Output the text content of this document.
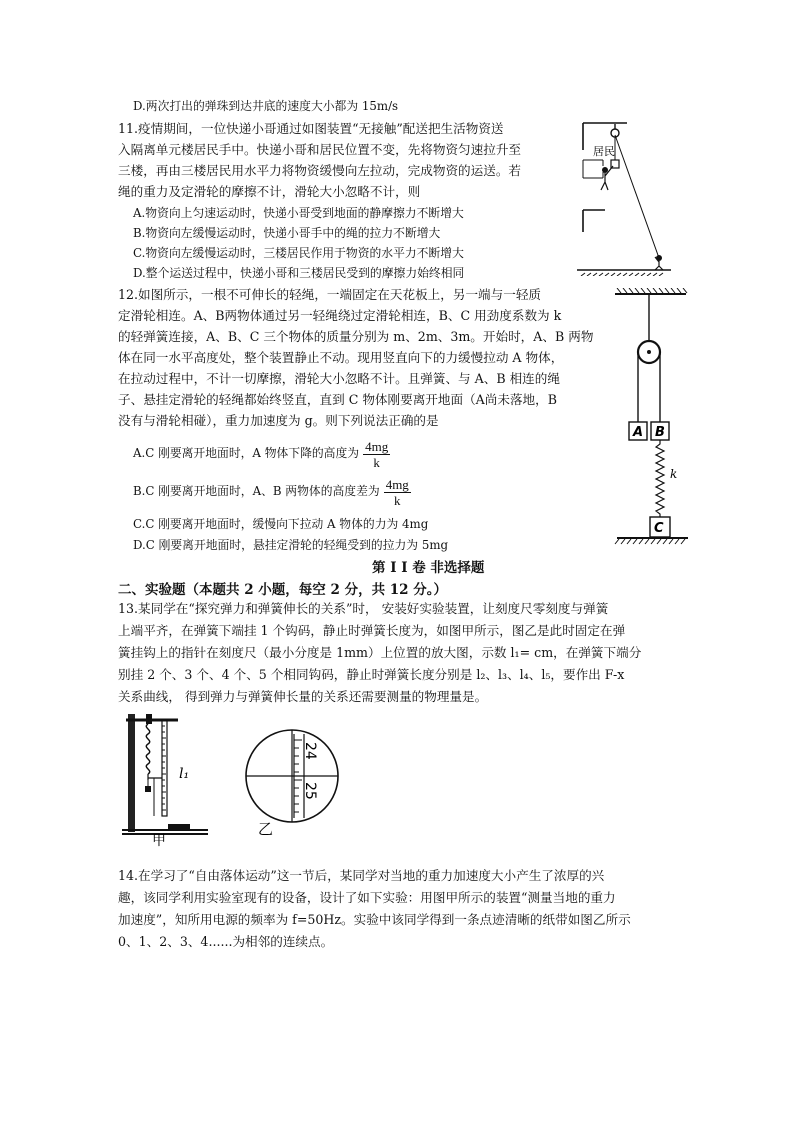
D.两次打出的弹珠到达井底的速度大小都为 15m/s
11.疫情期间，一位快递小哥通过如图装置“无接触”配送把生活物资送
入隔离单元楼居民手中。快递小哥和居民位置不变，先将物资匀速拉升至
三楼，再由三楼居民用水平力将物资缓慢向左拉动，完成物资的运送。若
绳的重力及定滑轮的摩擦不计，滑轮大小忽略不计，则
A.物资向上匀速运动时，快递小哥受到地面的静摩擦力不断增大
B.物资向左缓慢运动时，快递小哥手中的绳的拉力不断增大
C.物资向左缓慢运动时，三楼居民作用于物资的水平力不断增大
D.整个运送过程中，快递小哥和三楼居民受到的摩擦力始终相同
居民
12.如图所示，一根不可伸长的轻绳，一端固定在天花板上，另一端与一轻质
定滑轮相连。A、B两物体通过另一轻绳绕过定滑轮相连，B、C 用劲度系数为 k
的轻弹簧连接，A、B、C 三个物体的质量分别为 m、2m、3m。开始时，A、B 两物
体在同一水平高度处，整个装置静止不动。现用竖直向下的力缓慢拉动 A 物体，
在拉动过程中，不计一切摩擦，滑轮大小忽略不计。且弹簧、与 A、B 相连的绳
子、悬挂定滑轮的轻绳都始终竖直，直到 C 物体刚要离开地面（A尚未落地，B
没有与滑轮相碰），重力加速度为 g。则下列说法正确的是
A.C 刚要离开地面时，A 物体下降的高度为 $\frac{4mg}{k}$
B.C 刚要离开地面时，A、B 两物体的高度差为 $\frac{4mg}{k}$
C.C 刚要离开地面时，缓慢向下拉动 A 物体的力为 4mg
D.C 刚要离开地面时，悬挂定滑轮的轻绳受到的拉力为 5mg
A B
k
C
第 I I 卷 非选择题
二、实验题（本题共 2 小题，每空 2 分，共 12 分。）
13.某同学在“探究弹力和弹簧伸长的关系”时， 安装好实验装置，让刻度尺零刻度与弹簧
上端平齐，在弹簧下端挂 1 个钩码，静止时弹簧长度为，如图甲所示，图乙是此时固定在弹
簧挂钩上的指针在刻度尺（最小分度是 1mm）上位置的放大图，示数 l₁= cm，在弹簧下端分
别挂 2 个、3 个、4 个、5 个相同钩码，静止时弹簧长度分别是 l₂、l₃、l₄、l₅，要作出 F-x
关系曲线， 得到弹力与弹簧伸长量的关系还需要测量的物理量是。
l₁
甲
24
25
乙
14.在学习了“自由落体运动”这一节后，某同学对当地的重力加速度大小产生了浓厚的兴
趣，该同学利用实验室现有的设备，设计了如下实验：用图甲所示的装置“测量当地的重力
加速度”，知所用电源的频率为 f=50Hz。实验中该同学得到一条点迹清晰的纸带如图乙所示
0、1、2、3、4......为相邻的连续点。
